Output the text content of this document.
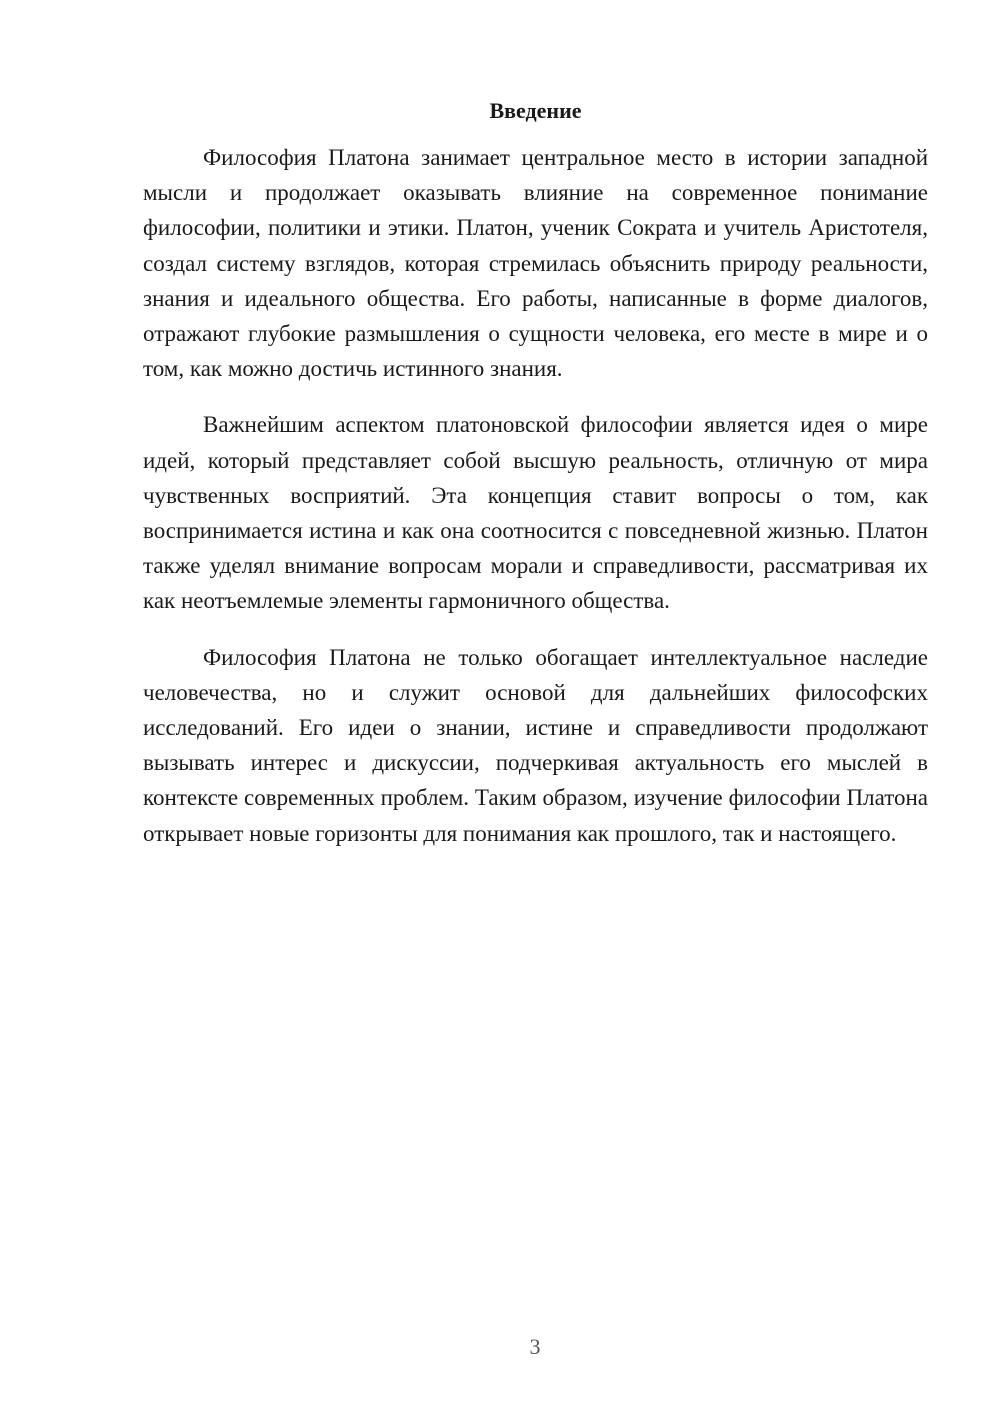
Введение

Философия Платона занимает центральное место в истории западной мысли и продолжает оказывать влияние на современное понимание философии, политики и этики. Платон, ученик Сократа и учитель Аристотеля, создал систему взглядов, которая стремилась объяснить природу реальности, знания и идеального общества. Его работы, написанные в форме диалогов, отражают глубокие размышления о сущности человека, его месте в мире и о том, как можно достичь истинного знания.

Важнейшим аспектом платоновской философии является идея о мире идей, который представляет собой высшую реальность, отличную от мира чувственных восприятий. Эта концепция ставит вопросы о том, как воспринимается истина и как она соотносится с повседневной жизнью. Платон также уделял внимание вопросам морали и справедливости, рассматривая их как неотъемлемые элементы гармоничного общества.

Философия Платона не только обогащает интеллектуальное наследие человечества, но и служит основой для дальнейших философских исследований. Его идеи о знании, истине и справедливости продолжают вызывать интерес и дискуссии, подчеркивая актуальность его мыслей в контексте современных проблем. Таким образом, изучение философии Платона открывает новые горизонты для понимания как прошлого, так и настоящего.

3
